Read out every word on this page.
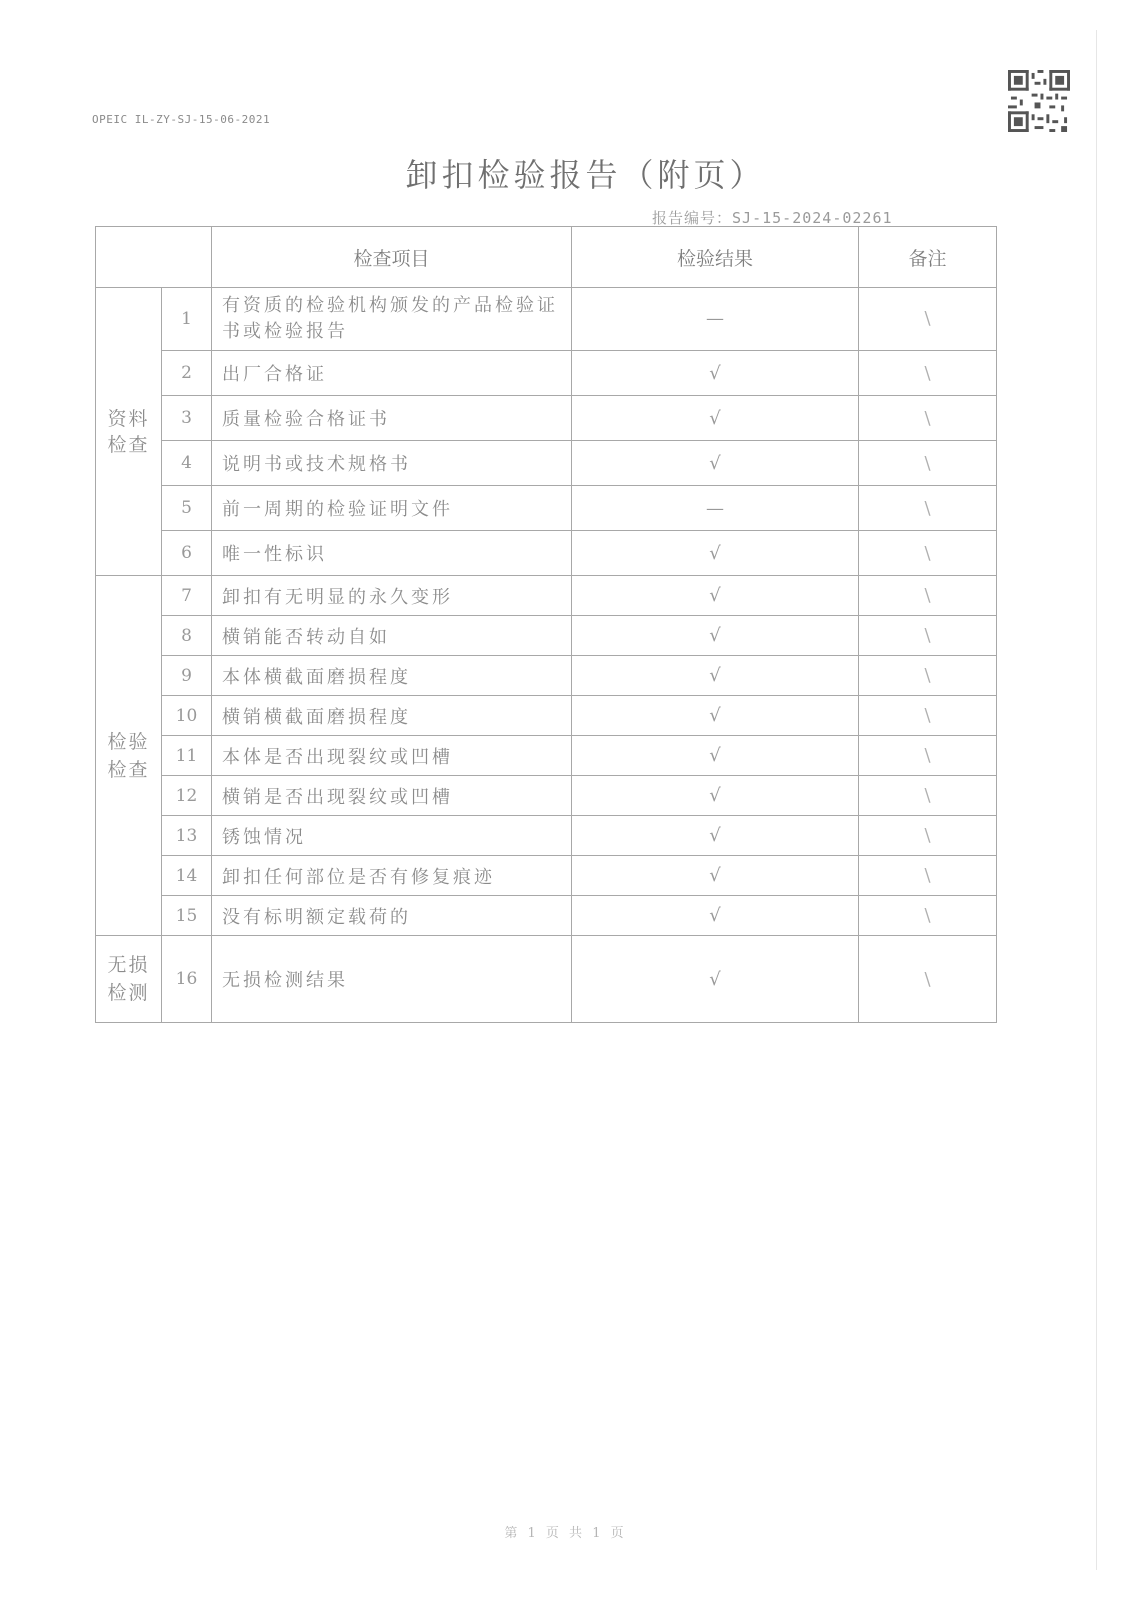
OPEIC IL-ZY-SJ-15-06-2021
卸扣检验报告（附页）
报告编号：SJ-15-2024-02261
		检查项目	检验结果	备注

资料
检查	1	有资质的检验机构颁发的产品检验证书或检验报告	—	\
	2	出厂合格证	√	\
	3	质量检验合格证书	√	\
	4	说明书或技术规格书	√	\
	5	前一周期的检验证明文件	—	\
	6	唯一性标识	√	\

检验
检查	7	卸扣有无明显的永久变形	√	\
	8	横销能否转动自如	√	\
	9	本体横截面磨损程度	√	\
	10	横销横截面磨损程度	√	\
	11	本体是否出现裂纹或凹槽	√	\
	12	横销是否出现裂纹或凹槽	√	\
	13	锈蚀情况	√	\
	14	卸扣任何部位是否有修复痕迹	√	\
	15	没有标明额定载荷的	√	\

无损
检测	16	无损检测结果	√	\
第 1 页 共 1 页
